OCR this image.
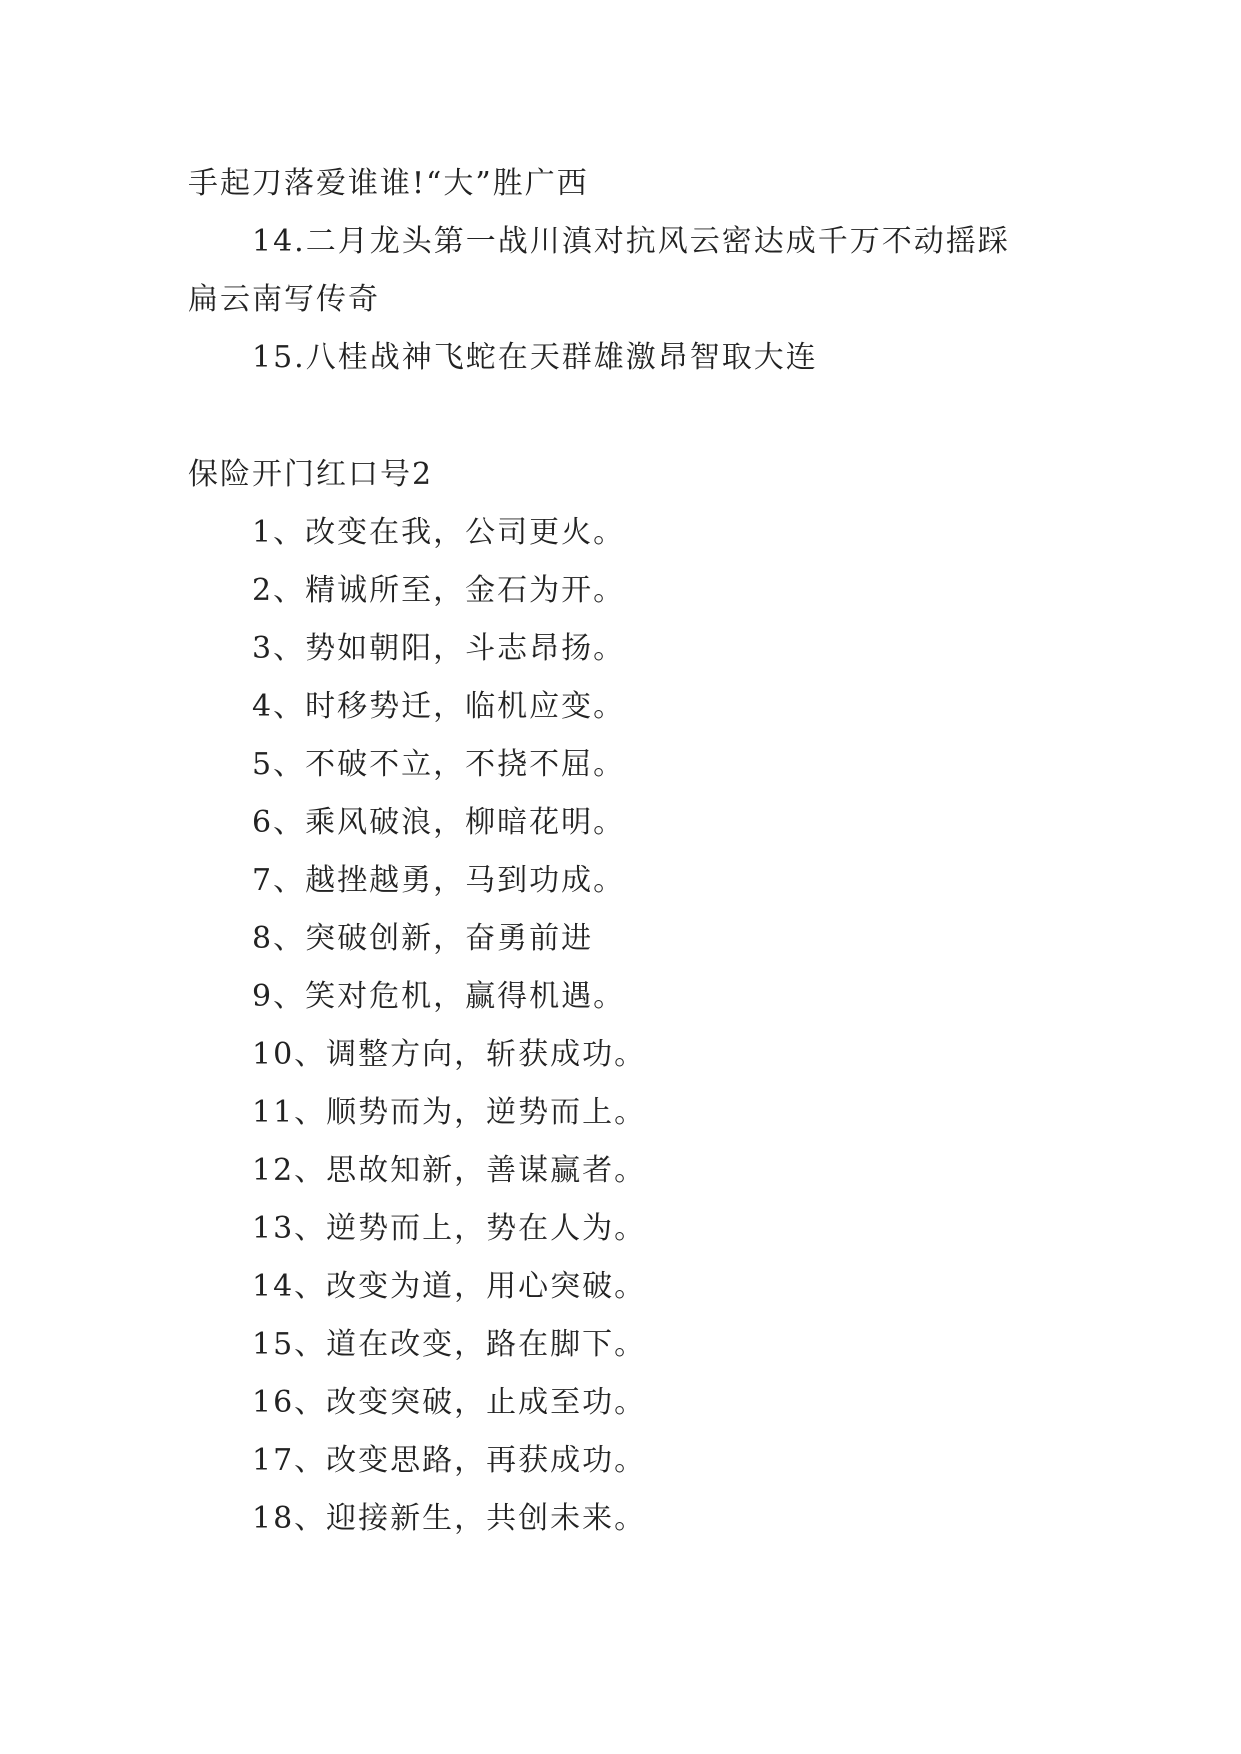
手起刀落爱谁谁!“大”胜广西
14.二月龙头第一战川滇对抗风云密达成千万不动摇踩
扁云南写传奇
15.八桂战神飞蛇在天群雄激昂智取大连
保险开门红口号2
1、改变在我，公司更火。
2、精诚所至，金石为开。
3、势如朝阳，斗志昂扬。
4、时移势迁，临机应变。
5、不破不立，不挠不屈。
6、乘风破浪，柳暗花明。
7、越挫越勇，马到功成。
8、突破创新，奋勇前进
9、笑对危机，赢得机遇。
10、调整方向，斩获成功。
11、顺势而为，逆势而上。
12、思故知新，善谋赢者。
13、逆势而上，势在人为。
14、改变为道，用心突破。
15、道在改变，路在脚下。
16、改变突破，止成至功。
17、改变思路，再获成功。
18、迎接新生，共创未来。
